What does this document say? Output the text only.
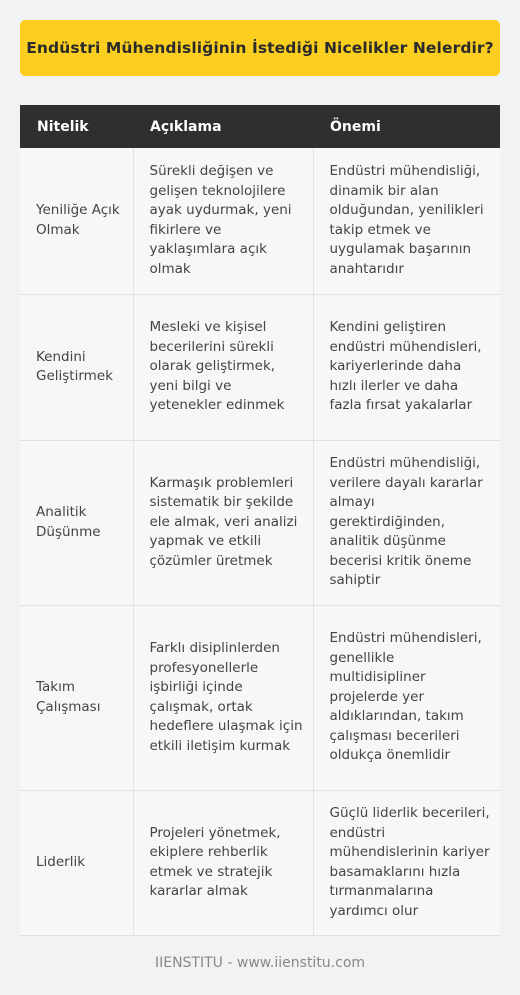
Endüstri Mühendisliğinin İstediği Nicelikler Nelerdir?
Nitelik	Açıklama	Önemi

Yeniliğe Açık Olmak	Sürekli değişen ve gelişen teknolojilere ayak uydurmak, yeni fikirlere ve yaklaşımlara açık olmak	Endüstri mühendisliği, dinamik bir alan olduğundan, yenilikleri takip etmek ve uygulamak başarının anahtarıdır

Kendini Geliştirmek	Mesleki ve kişisel becerilerini sürekli olarak geliştirmek, yeni bilgi ve yetenekler edinmek	Kendini geliştiren endüstri mühendisleri, kariyerlerinde daha hızlı ilerler ve daha fazla fırsat yakalarlar

Analitik Düşünme	Karmaşık problemleri sistematik bir şekilde ele almak, veri analizi yapmak ve etkili çözümler üretmek	Endüstri mühendisliği, verilere dayalı kararlar almayı gerektirdiğinden, analitik düşünme becerisi kritik öneme sahiptir

Takım Çalışması	Farklı disiplinlerden profesyonellerle işbirliği içinde çalışmak, ortak hedeflere ulaşmak için etkili iletişim kurmak	Endüstri mühendisleri, genellikle multidisipliner projelerde yer aldıklarından, takım çalışması becerileri oldukça önemlidir

Liderlik	Projeleri yönetmek, ekiplere rehberlik etmek ve stratejik kararlar almak	Güçlü liderlik becerileri, endüstri mühendislerinin kariyer basamaklarını hızla tırmanmalarına yardımcı olur
IIENSTITU - www.iienstitu.com
